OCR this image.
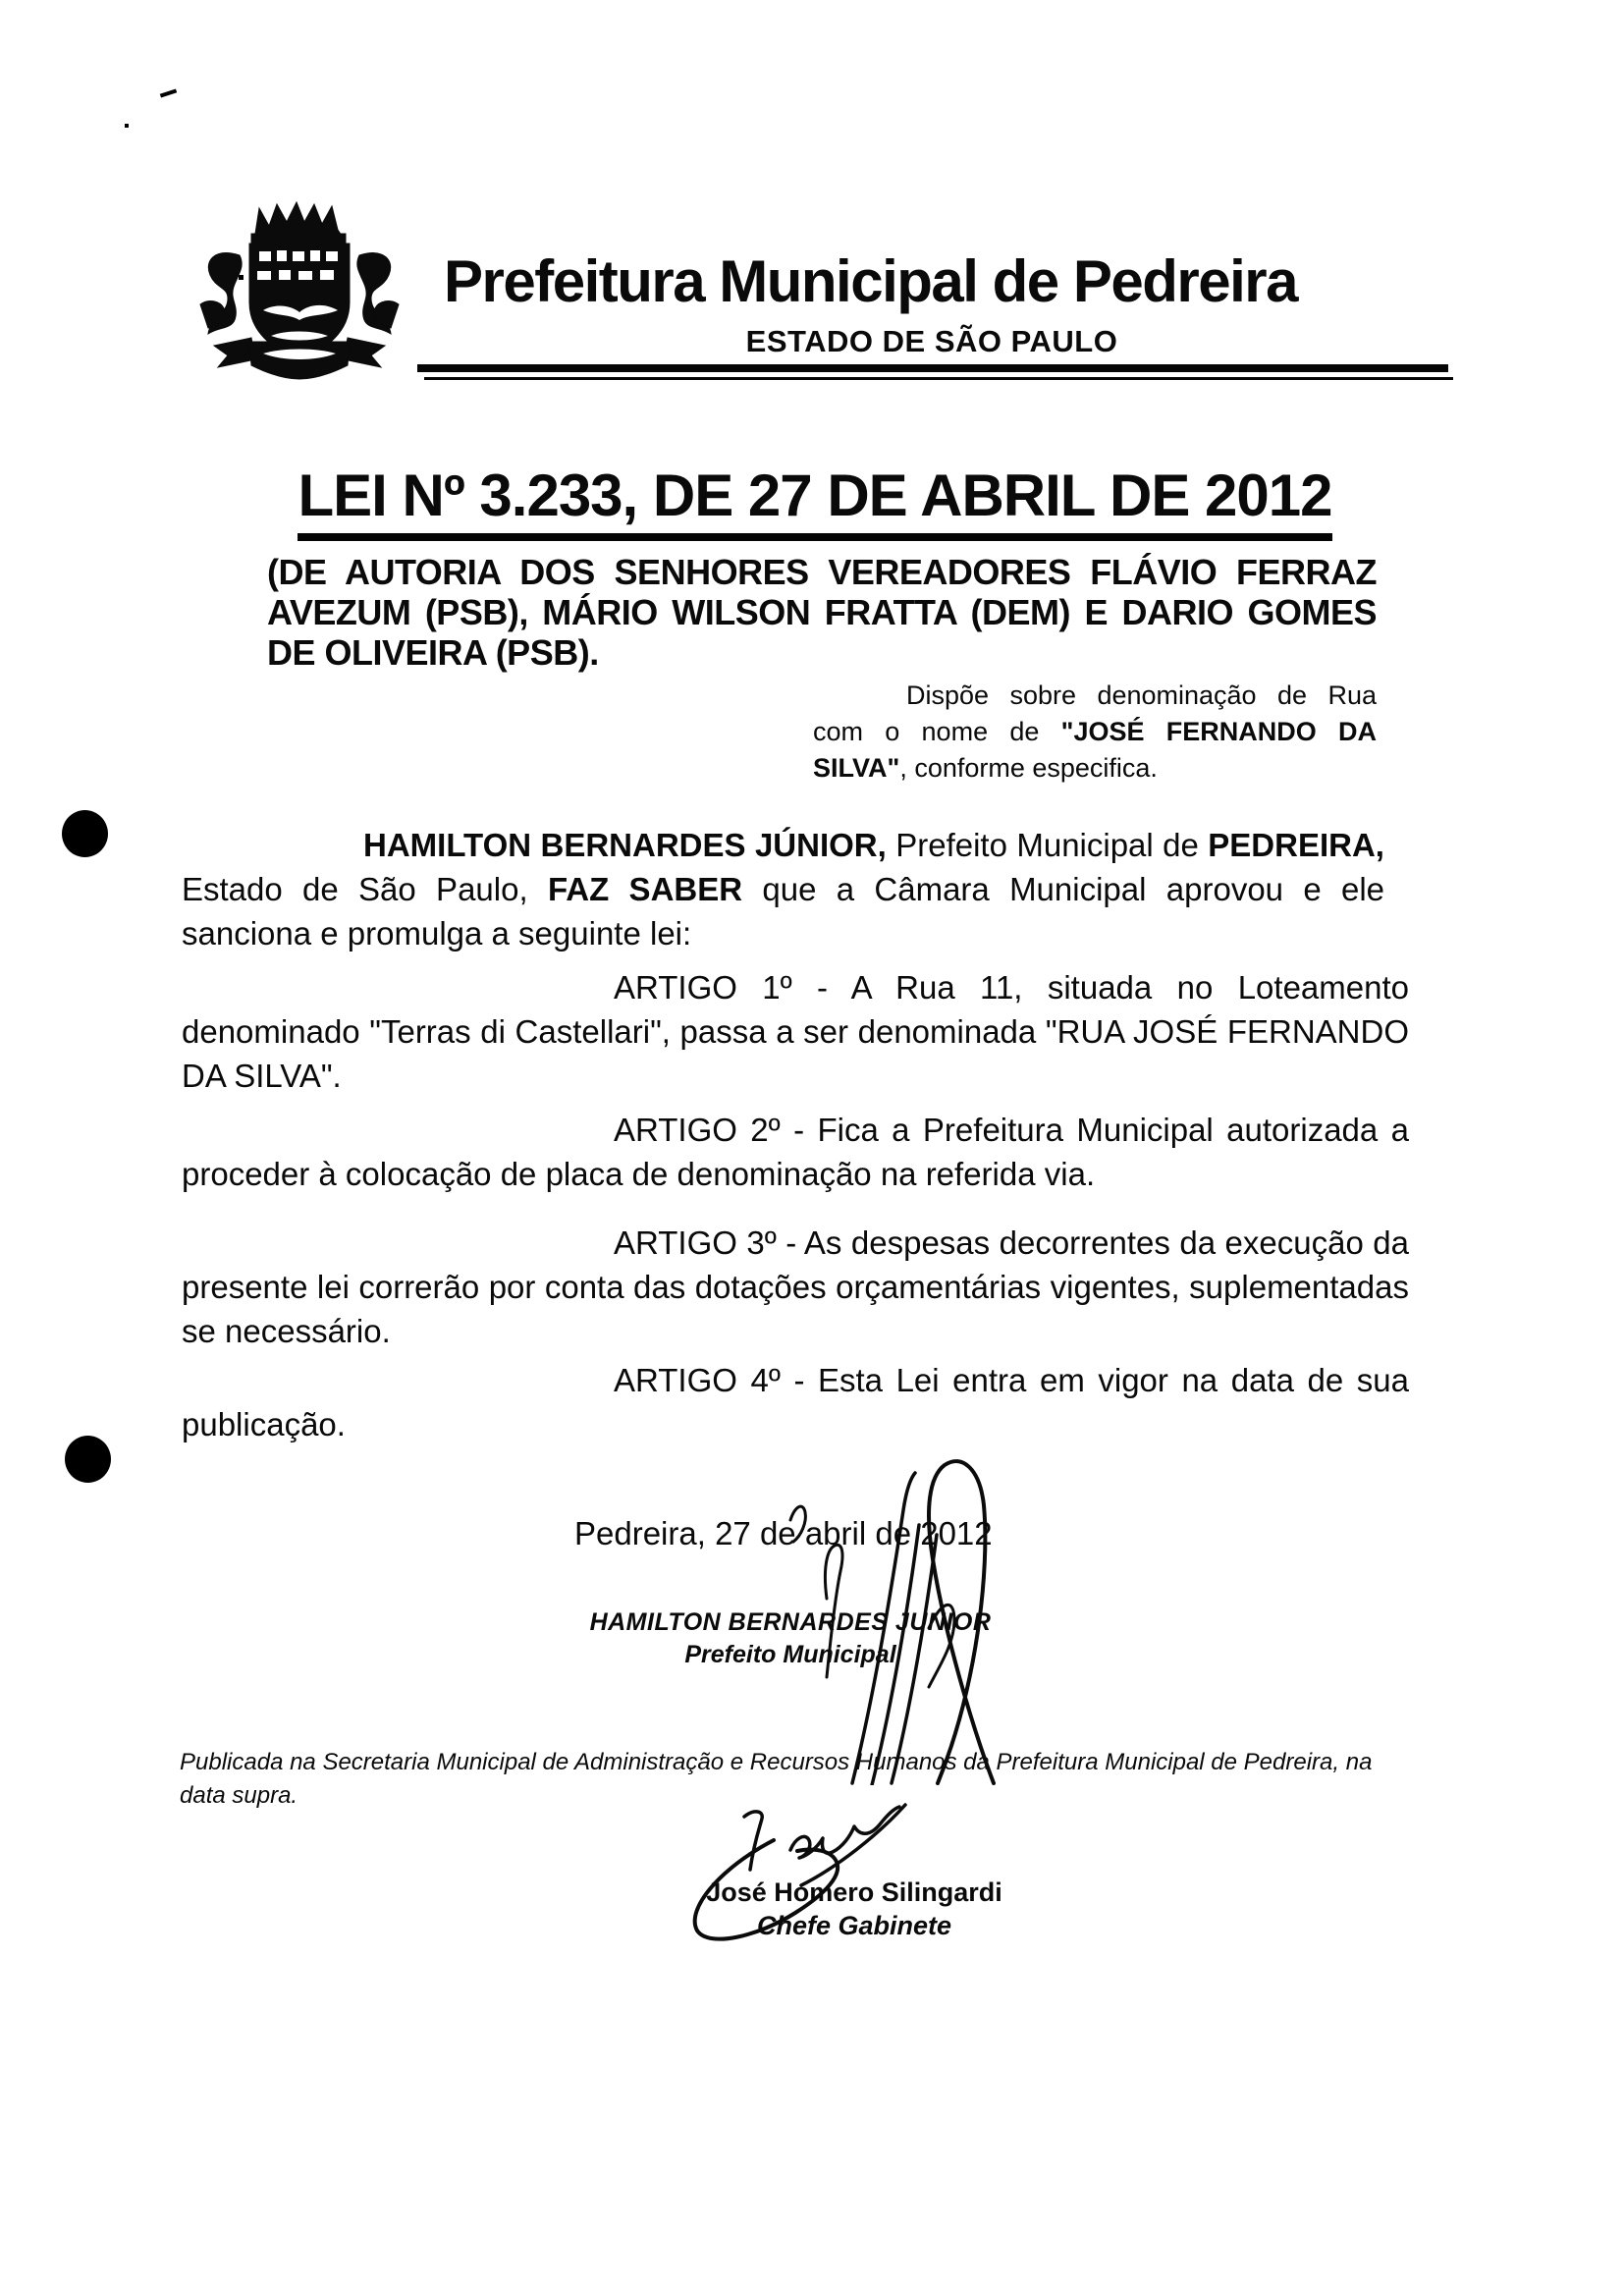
Prefeitura Municipal de Pedreira
ESTADO DE SÃO PAULO
LEI Nº 3.233, DE 27 DE ABRIL DE 2012
(DE AUTORIA DOS SENHORES VEREADORES FLÁVIO FERRAZ AVEZUM (PSB), MÁRIO WILSON FRATTA (DEM) E DARIO GOMES DE OLIVEIRA (PSB).
Dispõe sobre denominação de Rua com o nome de "JOSÉ FERNANDO DA SILVA", conforme especifica.
HAMILTON BERNARDES JÚNIOR, Prefeito Municipal de PEDREIRA, Estado de São Paulo, FAZ SABER que a Câmara Municipal aprovou e ele sanciona e promulga a seguinte lei:
ARTIGO 1º - A Rua 11, situada no Loteamento denominado "Terras di Castellari", passa a ser denominada "RUA JOSÉ FERNANDO DA SILVA".
ARTIGO 2º - Fica a Prefeitura Municipal autorizada a proceder à colocação de placa de denominação na referida via.
ARTIGO 3º - As despesas decorrentes da execução da presente lei correrão por conta das dotações orçamentárias vigentes, suplementadas se necessário.
ARTIGO 4º - Esta Lei entra em vigor na data de sua publicação.
Pedreira, 27 de abril de 2012
HAMILTON BERNARDES JUNIOR
Prefeito Municipal
Publicada na Secretaria Municipal de Administração e Recursos Humanos da Prefeitura Municipal de Pedreira, na data supra.
José Homero Silingardi
Chefe Gabinete
